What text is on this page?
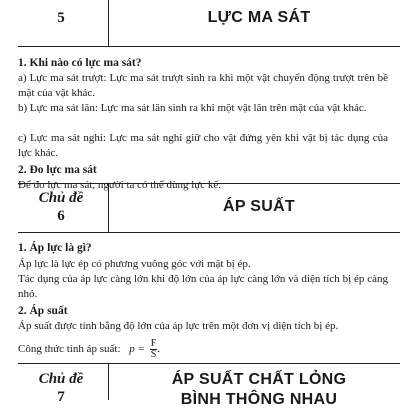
5	LỰC MA SÁT

1. Khi nào có lực ma sát?

a) Lực ma sát trượt: Lực ma sát trượt sinh ra khi một vật chuyển động trượt trên bề mặt của vật khác.

b) Lực ma sát lăn: Lực ma sát lăn sinh ra khi một vật lăn trên mặt của vật khác.

c) Lực ma sát nghỉ: Lực ma sát nghỉ giữ cho vật đứng yên khi vật bị tác dụng của lực khác.

2. Đo lực ma sát

Để đo lực ma sát, người ta có thể dùng lực kế.

Chủ đề
6
ÁP SUẤT

1. Áp lực là gì?

Áp lực là lực ép có phương vuông góc với mặt bị ép.

Tác dụng của áp lực càng lớn khi độ lớn của áp lực càng lớn và diện tích bị ép càng nhỏ.

2. Áp suất

Áp suất được tính bằng độ lớn của áp lực trên một đơn vị diện tích bị ép.

Công thức tính áp suất: $p = \frac{F}{S}$ .

Chủ đề
7
ÁP SUẤT CHẤT LỎNG
BÌNH THÔNG NHAU
